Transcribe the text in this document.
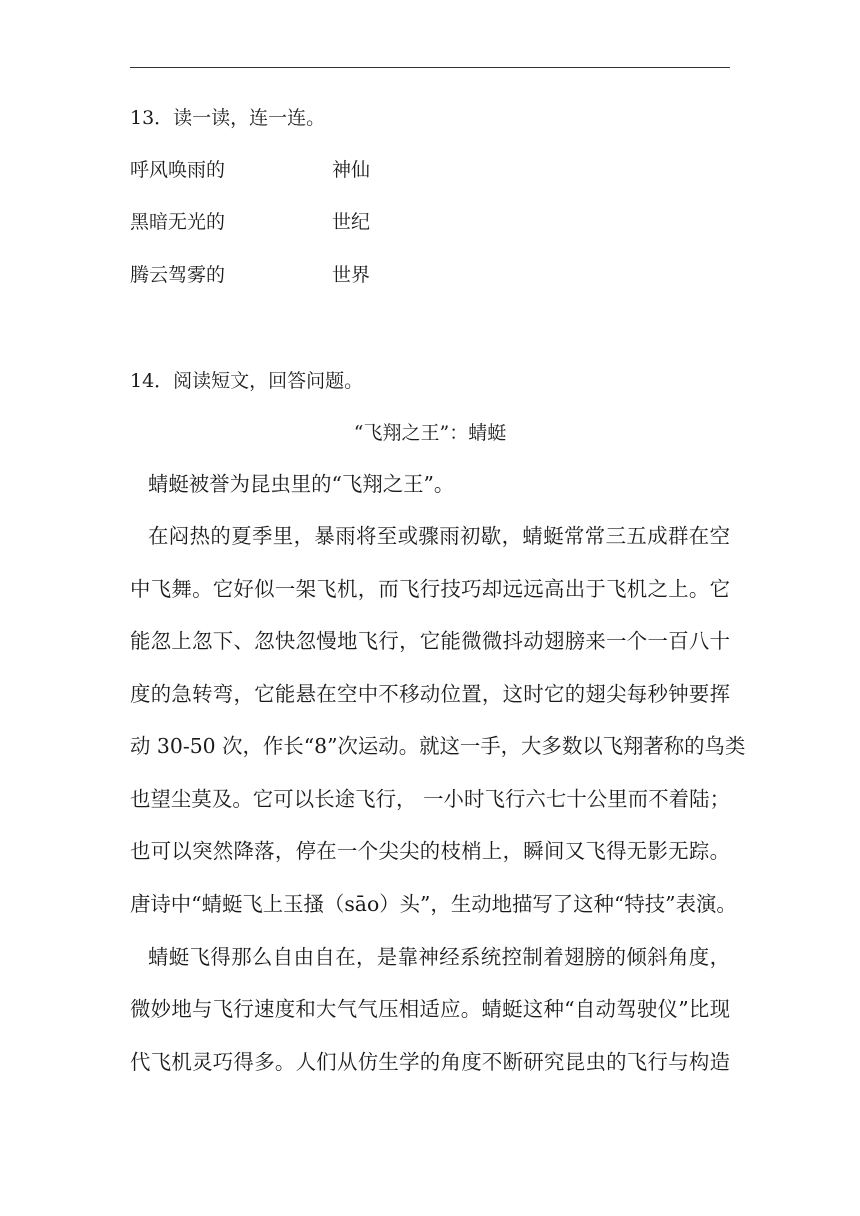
13．读一读，连一连。
呼风唤雨的	神仙
黑暗无光的	世纪
腾云驾雾的	世界
14．阅读短文，回答问题。
“飞翔之王”：蜻蜓
蜻蜓被誉为昆虫里的“飞翔之王”。
在闷热的夏季里，暴雨将至或骤雨初歇，蜻蜓常常三五成群在空
中飞舞。它好似一架飞机，而飞行技巧却远远高出于飞机之上。它
能忽上忽下、忽快忽慢地飞行，它能微微抖动翅膀来一个一百八十
度的急转弯，它能悬在空中不移动位置，这时它的翅尖每秒钟要挥
动 30-50 次，作长“8”次运动。就这一手，大多数以飞翔著称的鸟类
也望尘莫及。它可以长途飞行， 一小时飞行六七十公里而不着陆；
也可以突然降落，停在一个尖尖的枝梢上，瞬间又飞得无影无踪。
唐诗中“蜻蜓飞上玉搔（sāo）头”，生动地描写了这种“特技”表演。
蜻蜓飞得那么自由自在，是靠神经系统控制着翅膀的倾斜角度，
微妙地与飞行速度和大气气压相适应。蜻蜓这种“自动驾驶仪”比现
代飞机灵巧得多。人们从仿生学的角度不断研究昆虫的飞行与构造
